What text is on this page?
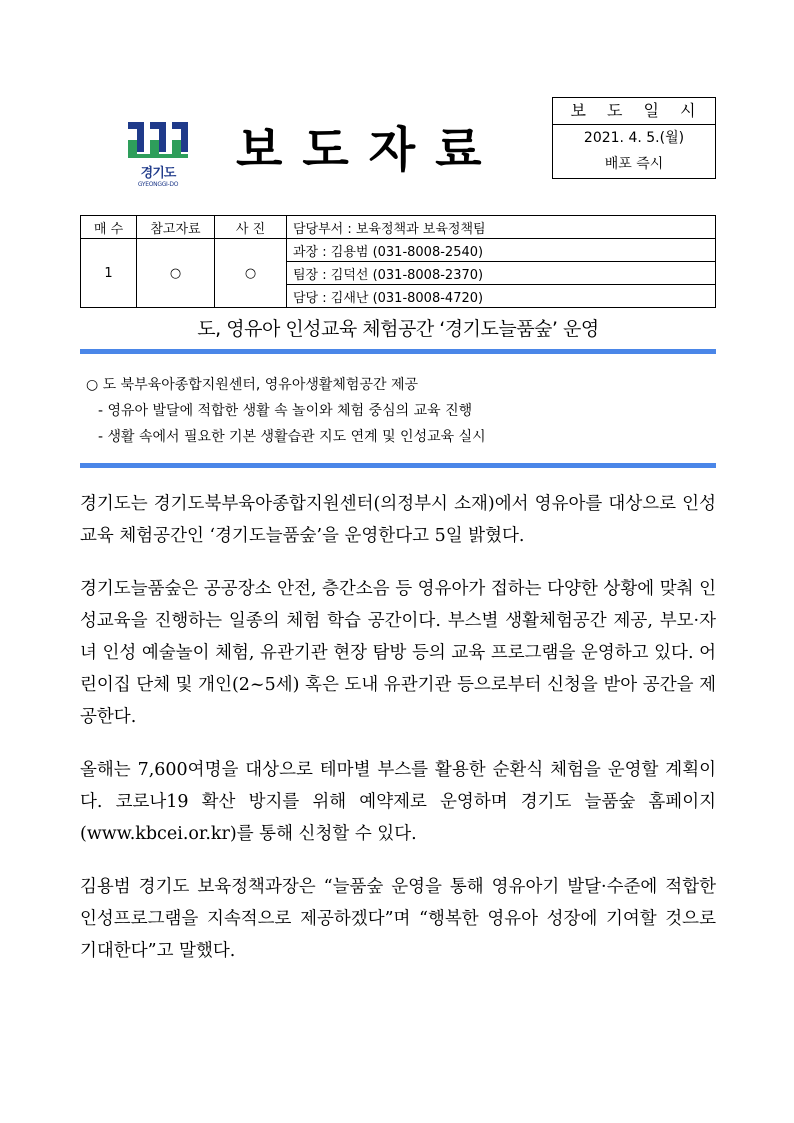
경기도
GYEONGGI-DO
보도자료
보 도 일 시
2021. 4. 5.(월)
배포 즉시
매 수	참고자료	사 진	담당부서 : 보육정책과 보육정책팀
1	○	○	과장 : 김용범 (031-8008-2540)
			팀장 : 김덕선 (031-8008-2370)
			담당 : 김새난 (031-8008-4720)
도, 영유아 인성교육 체험공간 ‘경기도늘품숲’ 운영
○ 도 북부육아종합지원센터, 영유아생활체험공간 제공
- 영유아 발달에 적합한 생활 속 놀이와 체험 중심의 교육 진행
- 생활 속에서 필요한 기본 생활습관 지도 연계 및 인성교육 실시

경기도는 경기도북부육아종합지원센터(의정부시 소재)에서 영유아를 대상으로 인성교육 체험공간인 ‘경기도늘품숲’을 운영한다고 5일 밝혔다.

경기도늘품숲은 공공장소 안전, 층간소음 등 영유아가 접하는 다양한 상황에 맞춰 인성교육을 진행하는 일종의 체험 학습 공간이다. 부스별 생활체험공간 제공, 부모·자녀 인성 예술놀이 체험, 유관기관 현장 탐방 등의 교육 프로그램을 운영하고 있다. 어린이집 단체 및 개인(2~5세) 혹은 도내 유관기관 등으로부터 신청을 받아 공간을 제공한다.

올해는 7,600여명을 대상으로 테마별 부스를 활용한 순환식 체험을 운영할 계획이다. 코로나19 확산 방지를 위해 예약제로 운영하며 경기도 늘품숲 홈페이지(www.kbcei.or.kr)를 통해 신청할 수 있다.

김용범 경기도 보육정책과장은 “늘품숲 운영을 통해 영유아기 발달·수준에 적합한 인성프로그램을 지속적으로 제공하겠다”며 “행복한 영유아 성장에 기여할 것으로 기대한다”고 말했다.
